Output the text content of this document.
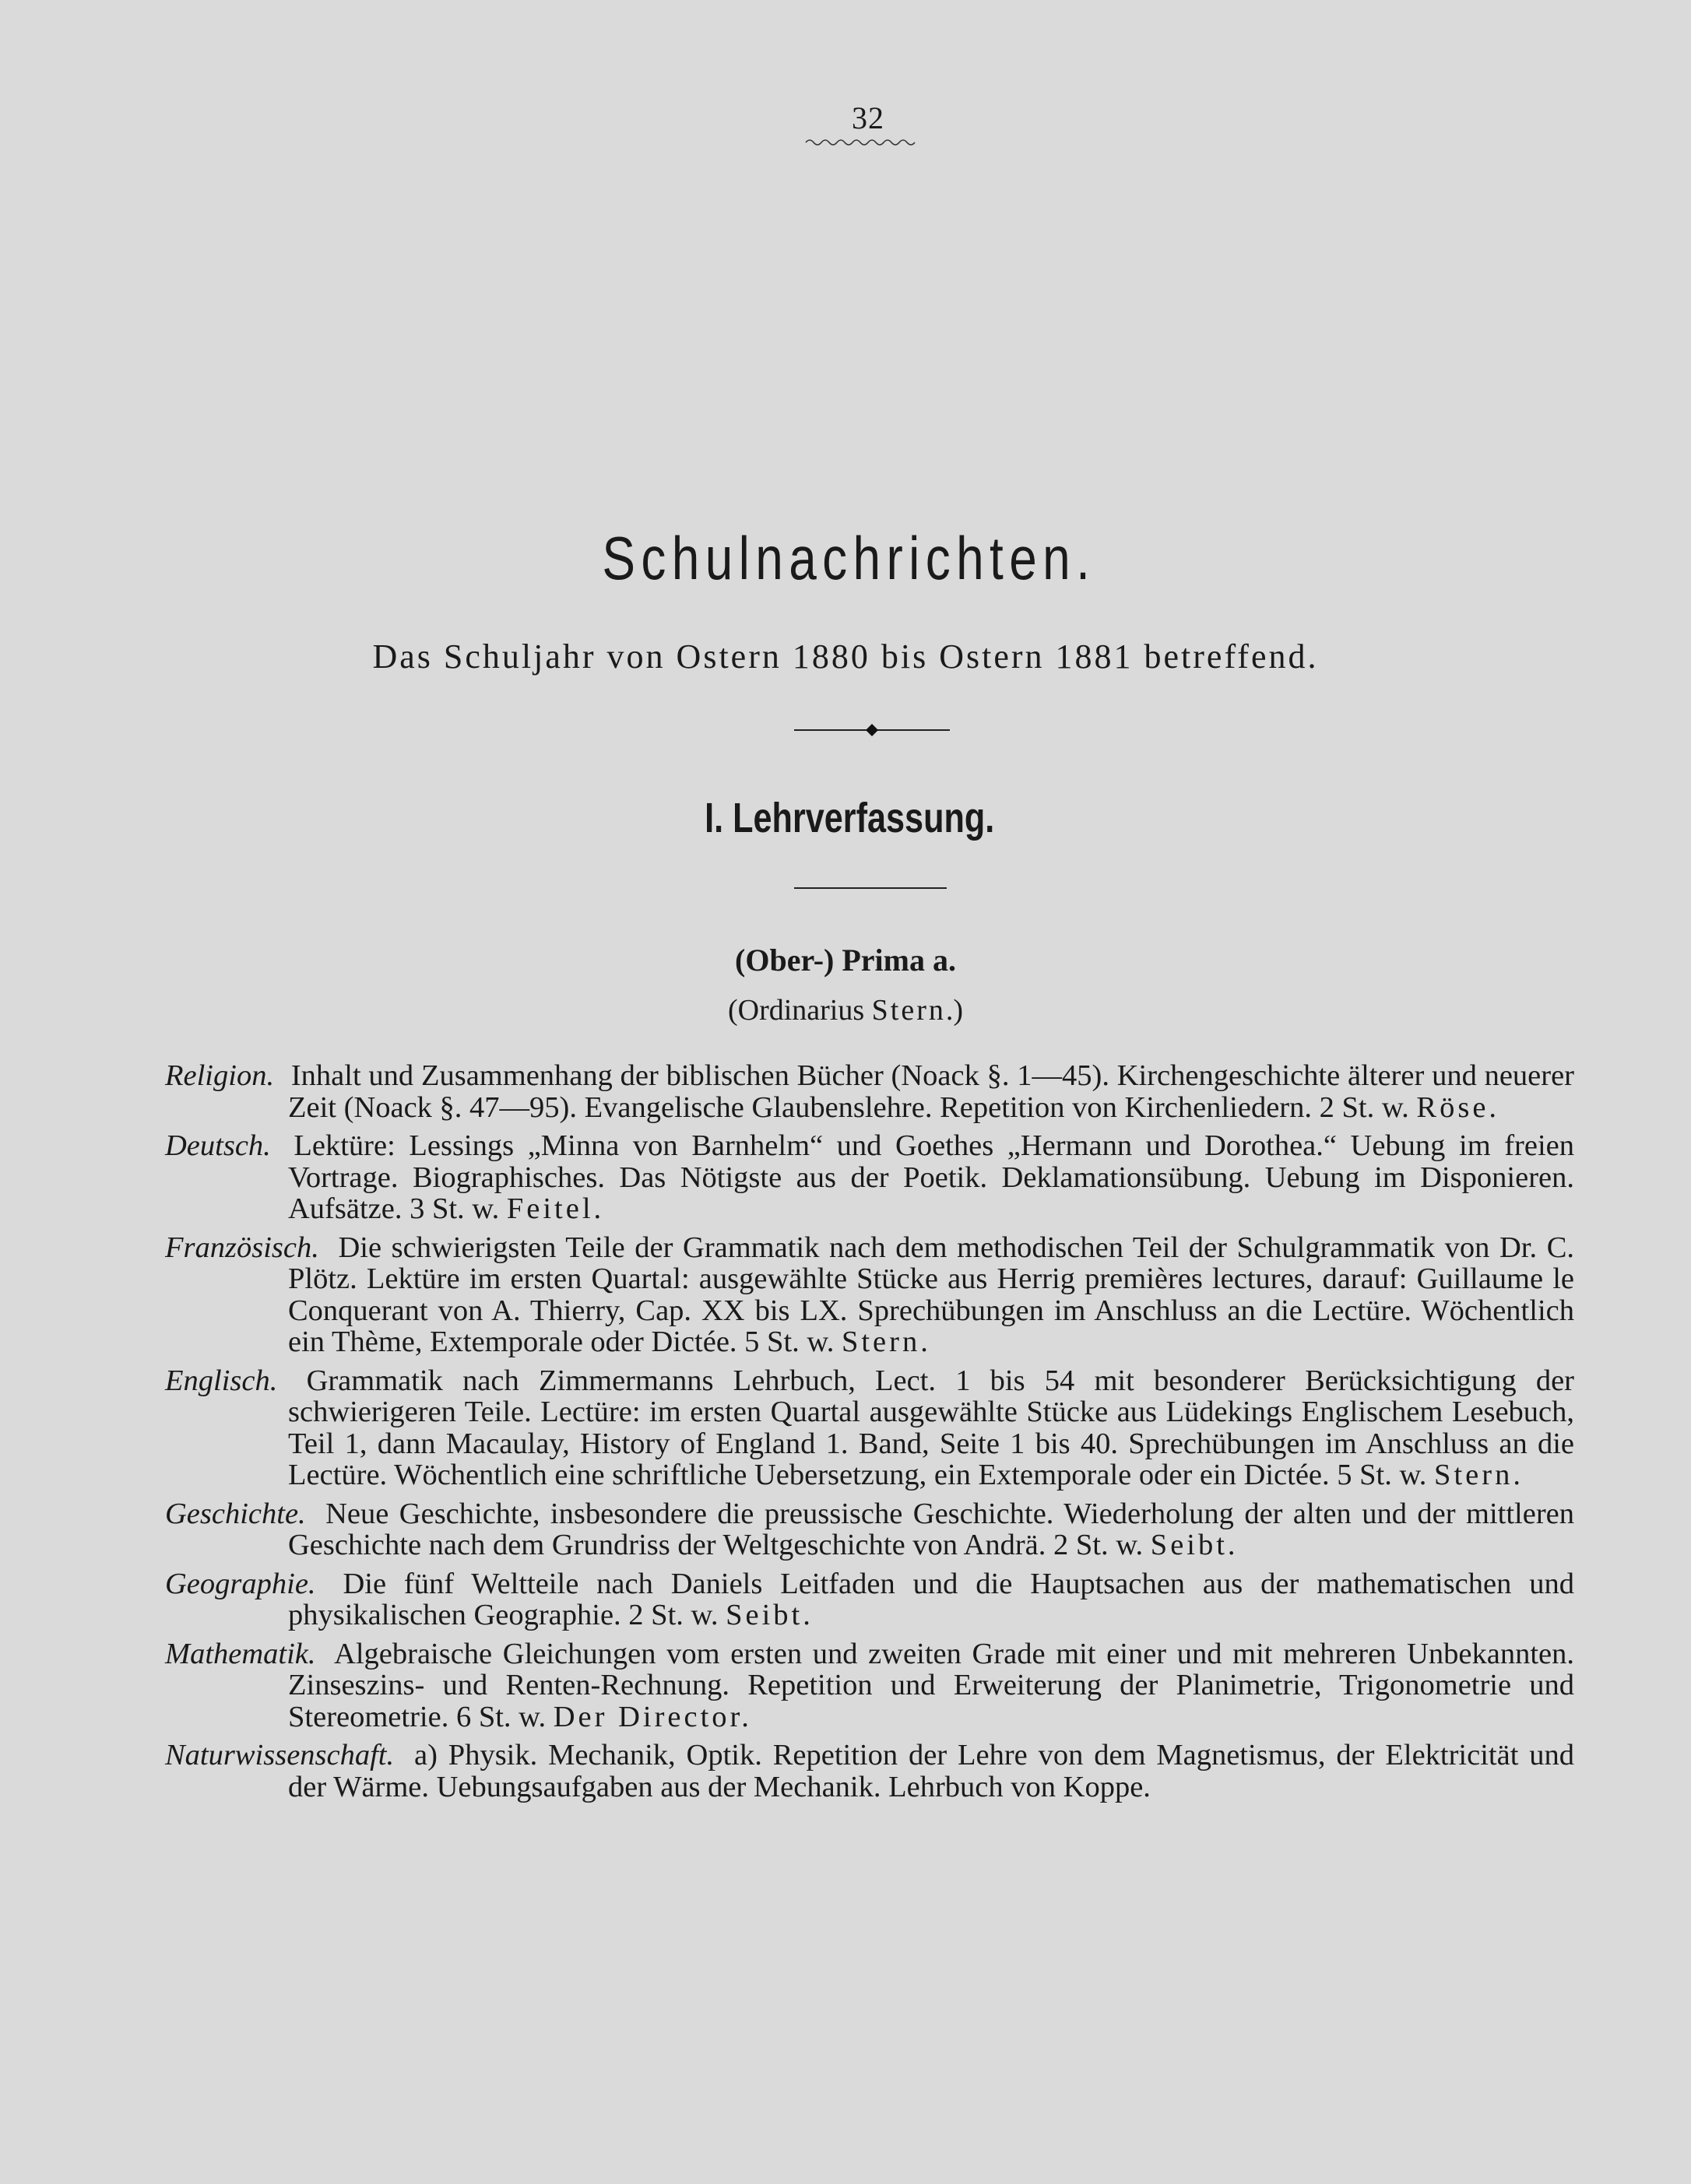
32
Schulnachrichten.
Das Schuljahr von Ostern 1880 bis Ostern 1881 betreffend.
I. Lehrverfassung.
(Ober-) Prima a.
(Ordinarius Stern.)

Religion. Inhalt und Zusammenhang der biblischen Bücher (Noack §. 1—45). Kirchengeschichte älterer und neuerer Zeit (Noack §. 47—95). Evangelische Glaubenslehre. Repetition von Kirchenliedern. 2 St. w. Röse.

Deutsch. Lektüre: Lessings „Minna von Barnhelm“ und Goethes „Hermann und Dorothea.“ Uebung im freien Vortrage. Biographisches. Das Nötigste aus der Poetik. Deklamationsübung. Uebung im Disponieren. Aufsätze. 3 St. w. Feitel.

Französisch. Die schwierigsten Teile der Grammatik nach dem methodischen Teil der Schulgrammatik von Dr. C. Plötz. Lektüre im ersten Quartal: ausgewählte Stücke aus Herrig premières lectures, darauf: Guillaume le Conquerant von A. Thierry, Cap. XX bis LX. Sprechübungen im Anschluss an die Lectüre. Wöchentlich ein Thème, Extemporale oder Dictée. 5 St. w. Stern.

Englisch. Grammatik nach Zimmermanns Lehrbuch, Lect. 1 bis 54 mit besonderer Berücksichtigung der schwierigeren Teile. Lectüre: im ersten Quartal ausgewählte Stücke aus Lüdekings Englischem Lesebuch, Teil 1, dann Macaulay, History of England 1. Band, Seite 1 bis 40. Sprechübungen im Anschluss an die Lectüre. Wöchentlich eine schriftliche Uebersetzung, ein Extemporale oder ein Dictée. 5 St. w. Stern.

Geschichte. Neue Geschichte, insbesondere die preussische Geschichte. Wiederholung der alten und der mittleren Geschichte nach dem Grundriss der Weltgeschichte von Andrä. 2 St. w. Seibt.

Geographie. Die fünf Weltteile nach Daniels Leitfaden und die Hauptsachen aus der mathematischen und physikalischen Geographie. 2 St. w. Seibt.

Mathematik. Algebraische Gleichungen vom ersten und zweiten Grade mit einer und mit mehreren Unbekannten. Zinseszins- und Renten-Rechnung. Repetition und Erweiterung der Planimetrie, Trigonometrie und Stereometrie. 6 St. w. Der Director.

Naturwissenschaft. a) Physik. Mechanik, Optik. Repetition der Lehre von dem Magnetismus, der Elektricität und der Wärme. Uebungsaufgaben aus der Mechanik. Lehrbuch von Koppe.
